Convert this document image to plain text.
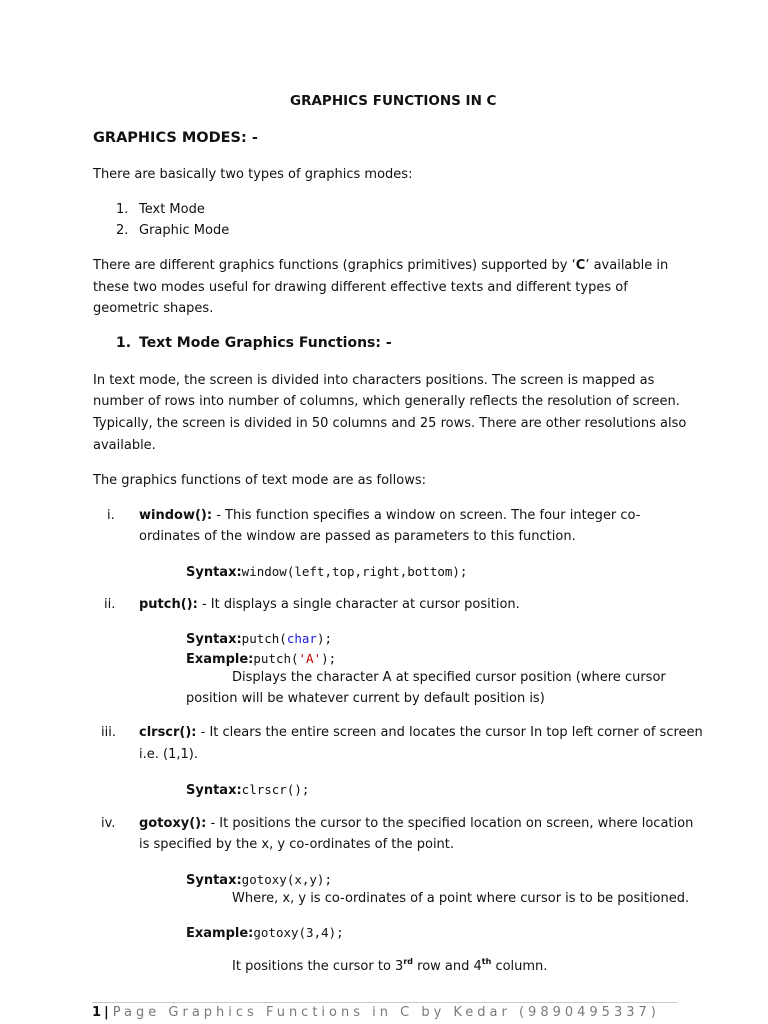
GRAPHICS FUNCTIONS IN C
GRAPHICS MODES: -
There are basically two types of graphics modes:
1. Text Mode
2. Graphic Mode
There are different graphics functions (graphics primitives) supported by ‘C’ available in
these two modes useful for drawing different effective texts and different types of
geometric shapes.
1. Text Mode Graphics Functions: -
In text mode, the screen is divided into characters positions. The screen is mapped as
number of rows into number of columns, which generally reflects the resolution of screen.
Typically, the screen is divided in 50 columns and 25 rows. There are other resolutions also
available.
The graphics functions of text mode are as follows:
i. window(): - This function specifies a window on screen. The four integer co-
ordinates of the window are passed as parameters to this function.
Syntax:window(left,top,right,bottom);
ii. putch(): - It displays a single character at cursor position.
Syntax:putch(char);
Example:putch('A');
Displays the character A at specified cursor position (where cursor
position will be whatever current by default position is)
iii. clrscr(): - It clears the entire screen and locates the cursor In top left corner of screen
i.e. (1,1).
Syntax:clrscr();
iv. gotoxy(): - It positions the cursor to the specified location on screen, where location
is specified by the x, y co-ordinates of the point.
Syntax:gotoxy(x,y);
Where, x, y is co-ordinates of a point where cursor is to be positioned.
Example:gotoxy(3,4);
It positions the cursor to 3rd row and 4th column.
1 | Page Graphics Functions in C by Kedar (9890495337)
